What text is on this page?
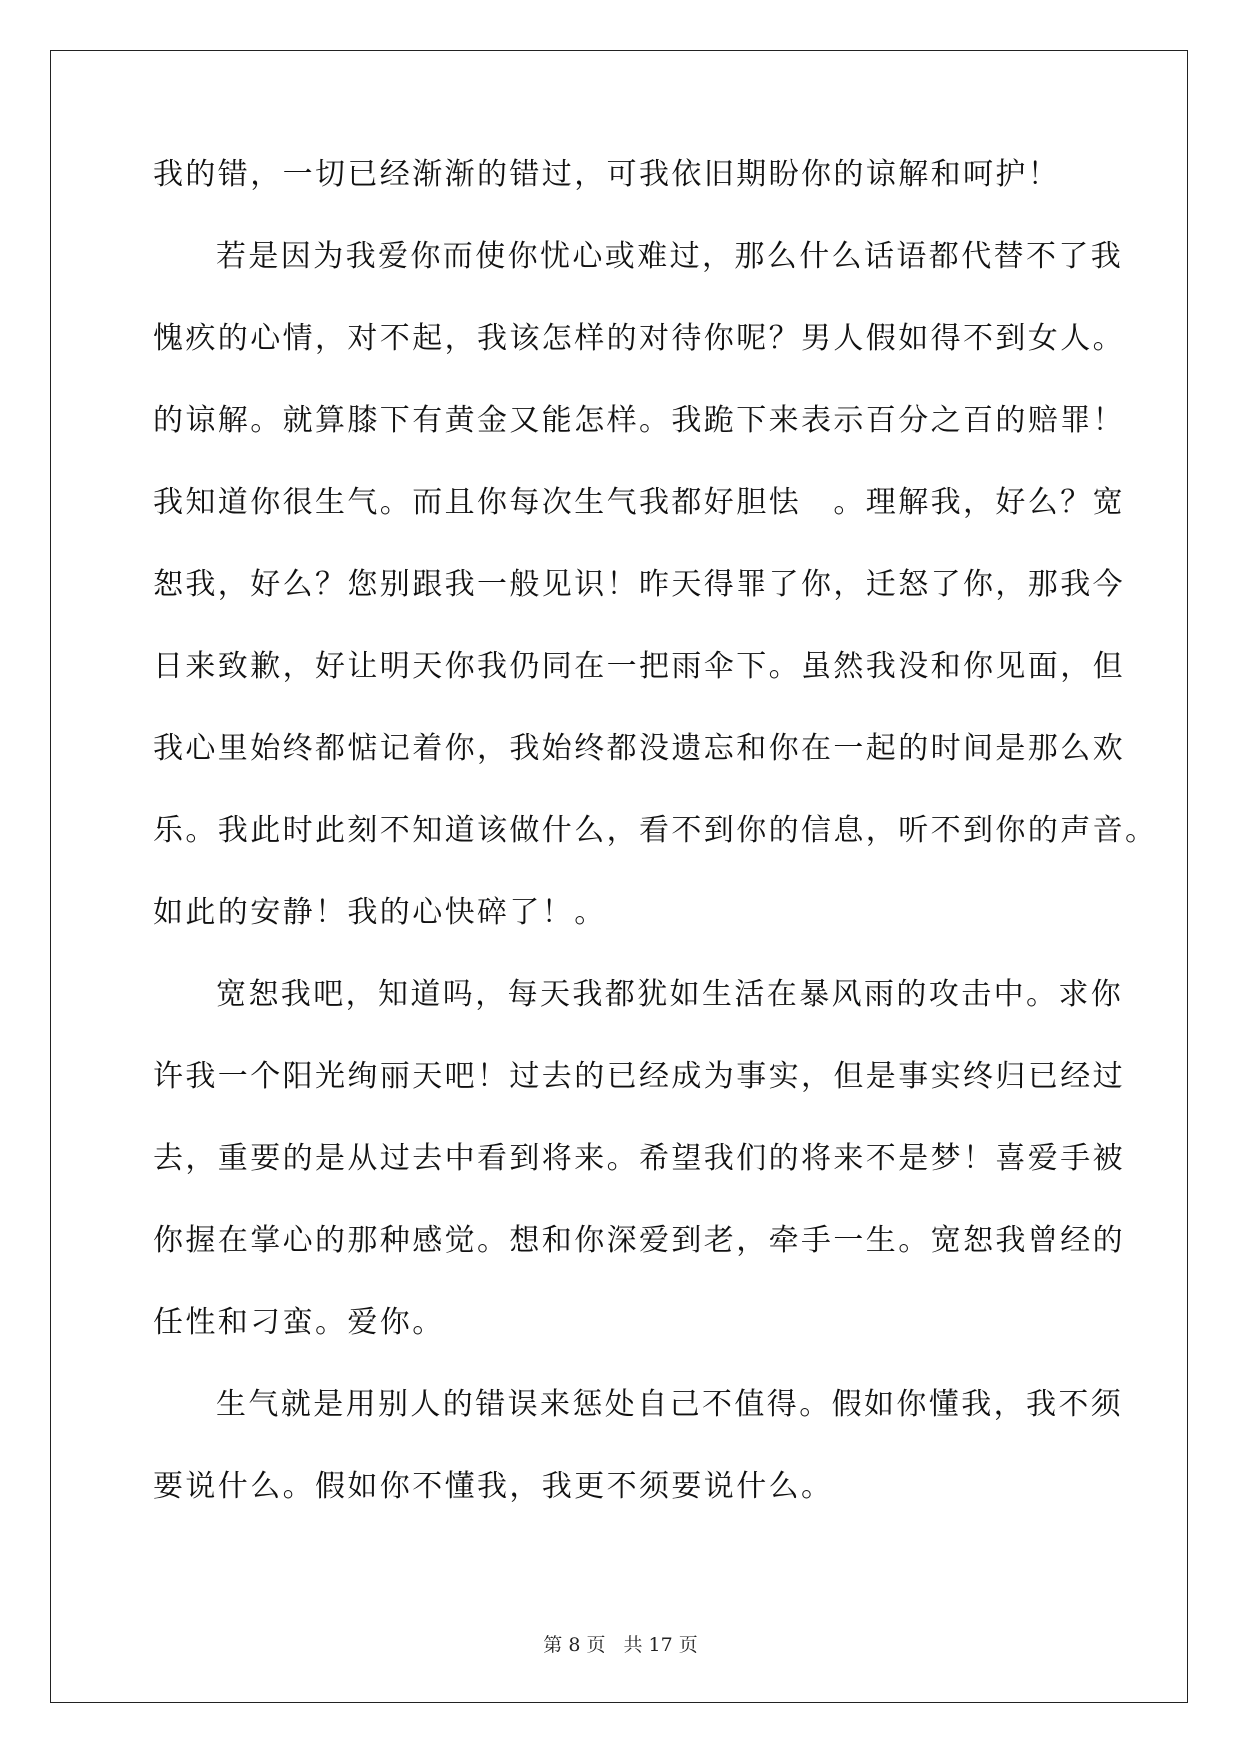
我的错，一切已经渐渐的错过，可我依旧期盼你的谅解和呵护！
若是因为我爱你而使你忧心或难过，那么什么话语都代替不了我
愧疚的心情，对不起，我该怎样的对待你呢？男人假如得不到女人。
的谅解。就算膝下有黄金又能怎样。我跪下来表示百分之百的赔罪！
我知道你很生气。而且你每次生气我都好胆怯　。理解我，好么？宽
恕我，好么？您别跟我一般见识！昨天得罪了你，迁怒了你，那我今
日来致歉，好让明天你我仍同在一把雨伞下。虽然我没和你见面，但
我心里始终都惦记着你，我始终都没遗忘和你在一起的时间是那么欢
乐。我此时此刻不知道该做什么，看不到你的信息，听不到你的声音。
如此的安静！我的心快碎了！。
宽恕我吧，知道吗，每天我都犹如生活在暴风雨的攻击中。求你
许我一个阳光绚丽天吧！过去的已经成为事实，但是事实终归已经过
去，重要的是从过去中看到将来。希望我们的将来不是梦！喜爱手被
你握在掌心的那种感觉。想和你深爱到老，牵手一生。宽恕我曾经的
任性和刁蛮。爱你。
生气就是用别人的错误来惩处自己不值得。假如你懂我，我不须
要说什么。假如你不懂我，我更不须要说什么。
第 8 页 共 17 页
